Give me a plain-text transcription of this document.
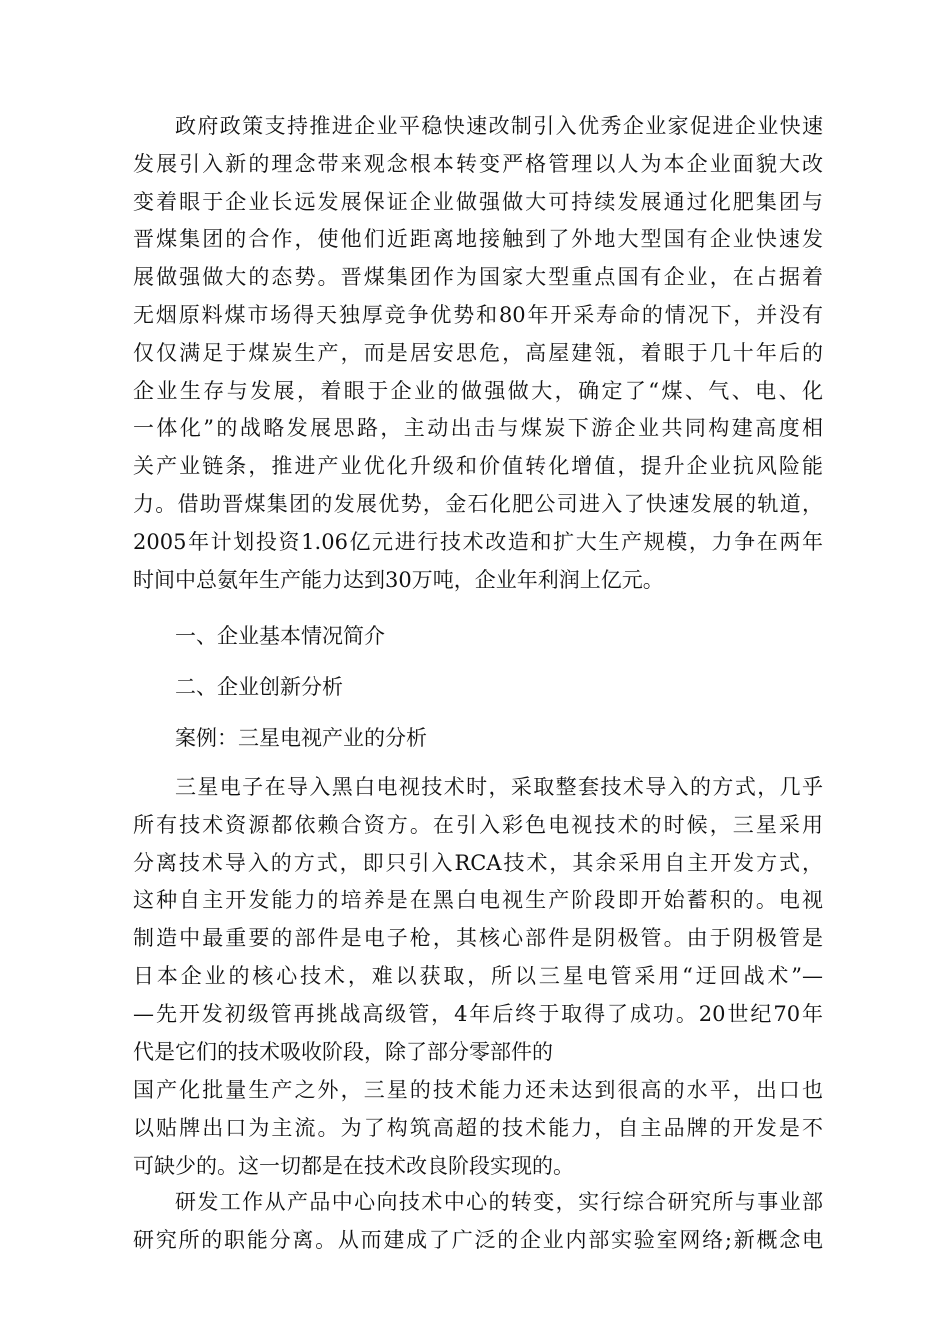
政府政策支持推进企业平稳快速改制引入优秀企业家促进企业快速
发展引入新的理念带来观念根本转变严格管理以人为本企业面貌大改
变着眼于企业长远发展保证企业做强做大可持续发展通过化肥集团与
晋煤集团的合作，使他们近距离地接触到了外地大型国有企业快速发
展做强做大的态势。晋煤集团作为国家大型重点国有企业，在占据着
无烟原料煤市场得天独厚竞争优势和80年开采寿命的情况下，并没有
仅仅满足于煤炭生产，而是居安思危，高屋建瓴，着眼于几十年后的
企业生存与发展，着眼于企业的做强做大，确定了“煤、气、电、化
一体化”的战略发展思路，主动出击与煤炭下游企业共同构建高度相
关产业链条，推进产业优化升级和价值转化增值，提升企业抗风险能
力。借助晋煤集团的发展优势，金石化肥公司进入了快速发展的轨道，
2005年计划投资1.06亿元进行技术改造和扩大生产规模，力争在两年
时间中总氨年生产能力达到30万吨，企业年利润上亿元。

一、企业基本情况简介

二、企业创新分析

案例：三星电视产业的分析

三星电子在导入黑白电视技术时，采取整套技术导入的方式，几乎
所有技术资源都依赖合资方。在引入彩色电视技术的时候，三星采用
分离技术导入的方式，即只引入RCA技术，其余采用自主开发方式，
这种自主开发能力的培养是在黑白电视生产阶段即开始蓄积的。电视
制造中最重要的部件是电子枪，其核心部件是阴极管。由于阴极管是
日本企业的核心技术，难以获取，所以三星电管采用“迂回战术”—
—先开发初级管再挑战高级管，4年后终于取得了成功。20世纪70年
代是它们的技术吸收阶段，除了部分零部件的
国产化批量生产之外，三星的技术能力还未达到很高的水平，出口也
以贴牌出口为主流。为了构筑高超的技术能力，自主品牌的开发是不
可缺少的。这一切都是在技术改良阶段实现的。
研发工作从产品中心向技术中心的转变，实行综合研究所与事业部
研究所的职能分离。从而建成了广泛的企业内部实验室网络;新概念电
